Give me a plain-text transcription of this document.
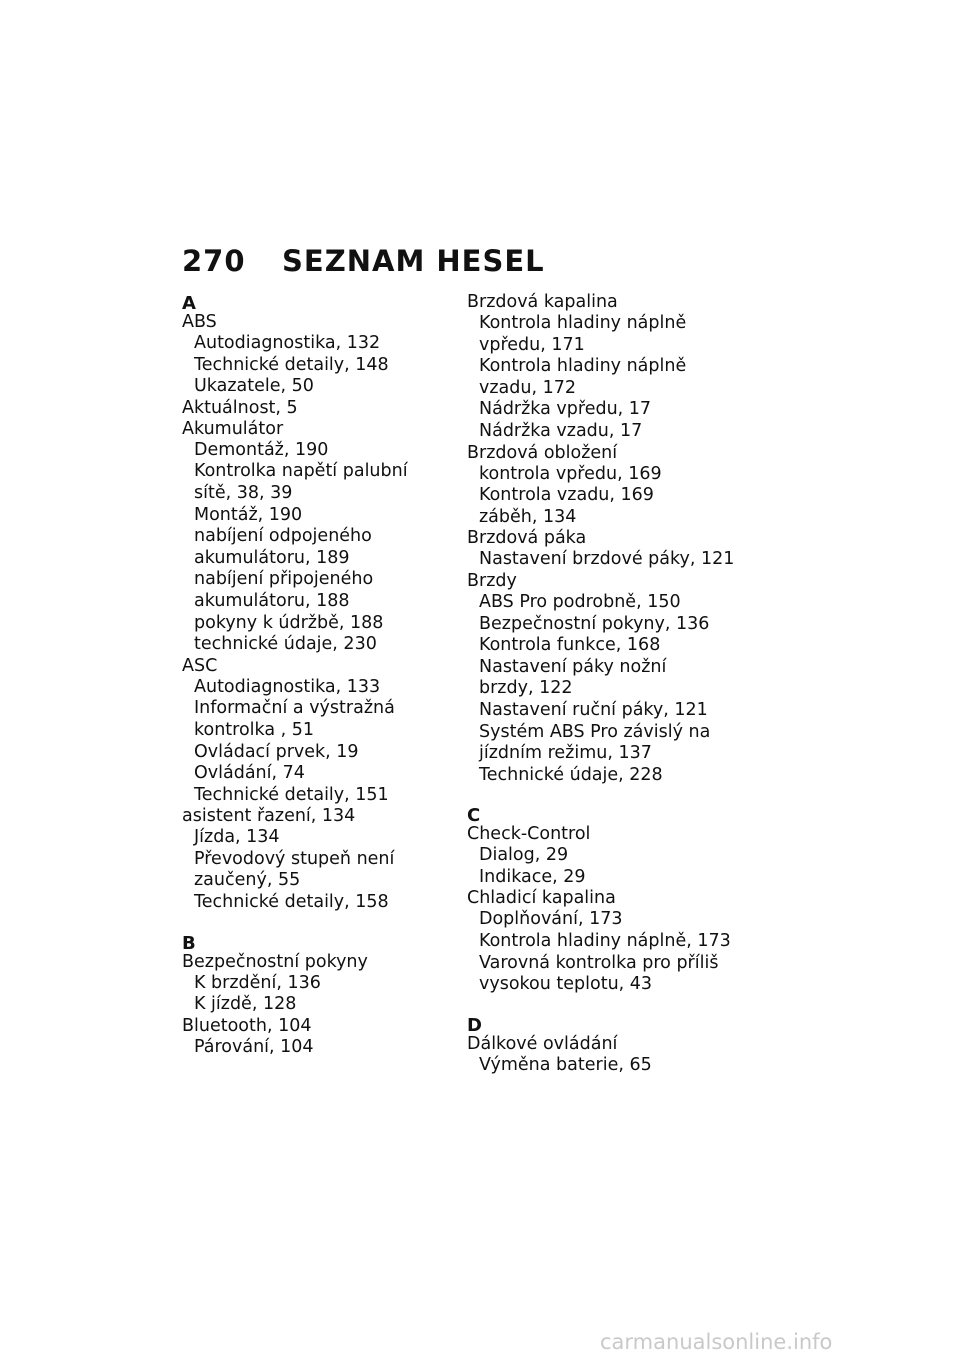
270 SEZNAM HESEL
A
ABS
Autodiagnostika, 132
Technické detaily, 148
Ukazatele, 50
Aktuálnost, 5
Akumulátor
Demontáž, 190
Kontrolka napětí palubní
sítě, 38, 39
Montáž, 190
nabíjení odpojeného
akumulátoru, 189
nabíjení připojeného
akumulátoru, 188
pokyny k údržbě, 188
technické údaje, 230
ASC
Autodiagnostika, 133
Informační a výstražná
kontrolka , 51
Ovládací prvek, 19
Ovládání, 74
Technické detaily, 151
asistent řazení, 134
Jízda, 134
Převodový stupeň není
zaučený, 55
Technické detaily, 158
B
Bezpečnostní pokyny
K brzdění, 136
K jízdě, 128
Bluetooth, 104
Párování, 104
Brzdová kapalina
Kontrola hladiny náplně
vpředu, 171
Kontrola hladiny náplně
vzadu, 172
Nádržka vpředu, 17
Nádržka vzadu, 17
Brzdová obložení
kontrola vpředu, 169
Kontrola vzadu, 169
záběh, 134
Brzdová páka
Nastavení brzdové páky, 121
Brzdy
ABS Pro podrobně, 150
Bezpečnostní pokyny, 136
Kontrola funkce, 168
Nastavení páky nožní
brzdy, 122
Nastavení ruční páky, 121
Systém ABS Pro závislý na
jízdním režimu, 137
Technické údaje, 228
C
Check-Control
Dialog, 29
Indikace, 29
Chladicí kapalina
Doplňování, 173
Kontrola hladiny náplně, 173
Varovná kontrolka pro příliš
vysokou teplotu, 43
D
Dálkové ovládání
Výměna baterie, 65
carmanualsonline.info
